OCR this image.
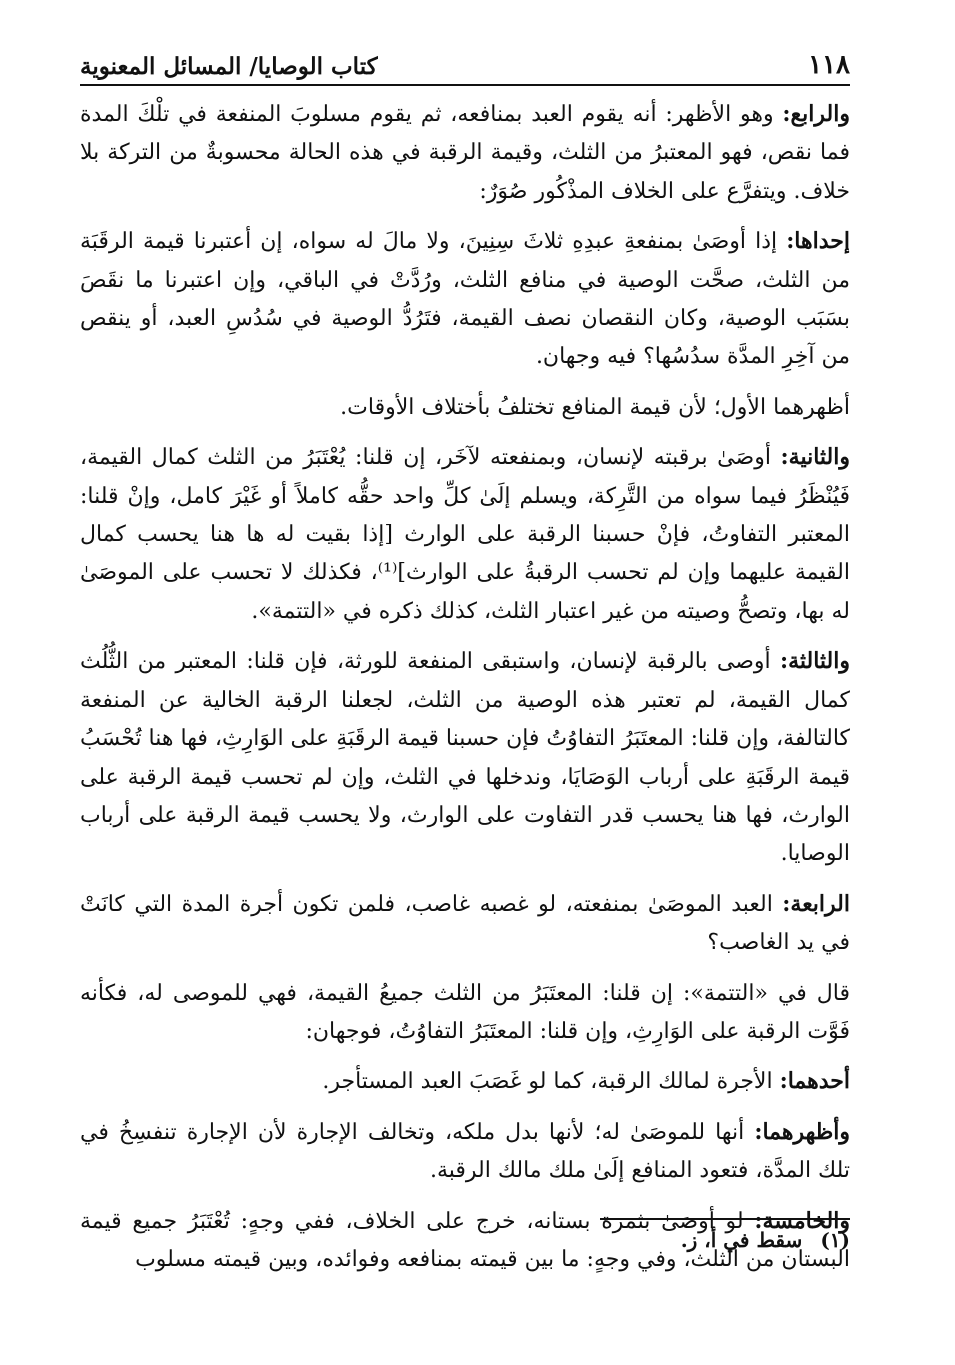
١١٨
كتاب الوصايا/ المسائل المعنوية

والرابع: وهو الأظهر: أنه يقوم العبد بمنافعه، ثم يقوم مسلوبَ المنفعة في تلْكَ المدة فما نقص، فهو المعتبرُ من الثلث، وقيمة الرقبة في هذه الحالة محسوبةٌ من التركة بلا خلاف. ويتفرَّع على الخلاف المذْكُور صُوَرٌ:

إحداها: إذا أوصَىٰ بمنفعةِ عبدِهِ ثلاثَ سِنِينَ، ولا مالَ له سواه، إن أعتبرنا قيمة الرقَبَة من الثلث، صحَّت الوصية في منافع الثلث، ورُدَّتْ في الباقي، وإن اعتبرنا ما نقَصَ بسَبَب الوصية، وكان النقصان نصف القيمة، فتَرُدُّ الوصية في سُدُسِ العبد، أو ينقص من آخِرِ المدَّة سدُسُها؟ فيه وجهان.

أظهرهما الأول؛ لأن قيمة المنافع تختلفُ بأختلاف الأوقات.

والثانية: أوصَىٰ برقبته لإنسان، وبمنفعته لآخَر، إن قلنا: يُعْتَبَرُ من الثلث كمال القيمة، فَيُنْظَرُ فيما سواه من التَّرِكة، ويسلم إلَىٰ كلِّ واحد حقُّه كاملاً أو غَيْرَ كامل، وإنْ قلنا: المعتبر التفاوتُ، فإنْ حسبنا الرقبة على الوارث [إذا بقيت له ها هنا يحسب كمال القيمة عليهما وإن لم تحسب الرقبةُ على الوارث]⁽¹⁾، فكذلك لا تحسب على الموصَىٰ له بها، وتصحُّ وصيته من غير اعتبار الثلث، كذلك ذكره في «التتمة».

والثالثة: أوصى بالرقبة لإنسان، واستبقى المنفعة للورثة، فإن قلنا: المعتبر من الثُّلُث كمال القيمة، لم تعتبر هذه الوصية من الثلث، لجعلنا الرقبة الخالية عن المنفعة كالتالفة، وإن قلنا: المعتَبَرُ التفاوُتُ فإن حسبنا قيمة الرقَبَةِ على الوَارِثِ، فها هنا تُحْسَبُ قيمة الرقَبَةِ على أرباب الوَصَايَا، وندخلها في الثلث، وإن لم تحسب قيمة الرقبة على الوارث، فها هنا يحسب قدر التفاوت على الوارث، ولا يحسب قيمة الرقبة على أرباب الوصايا.

الرابعة: العبد الموصَىٰ بمنفعته، لو غصبه غاصب، فلمن تكون أجرة المدة التي كانَتْ في يد الغاصب؟

قال في «التتمة»: إن قلنا: المعتَبَرُ من الثلث جميعُ القيمة، فهي للموصى له، فكأنه فَوَّت الرقبة على الوَارِثِ، وإن قلنا: المعتَبَرُ التفاوُتُ، فوجهان:

أحدهما: الأجرة لمالك الرقبة، كما لو غَصَبَ العبد المستأجر.

وأظهرهما: أنها للموصَىٰ له؛ لأنها بدل ملكه، وتخالف الإجارة لأن الإجارة تنفسِخُ في تلك المدَّة، فتعود المنافع إلَىٰ ملك مالك الرقبة.

والخامسة: لو أوصَىٰ بثمرة بستانه، خرج على الخلاف، ففي وجهٍ: تُعْتَبَرُ جميع قيمة البستان من الثلث، وفي وجهٍ: ما بين قيمته بمنافعه وفوائده، وبين قيمته مسلوب

(١)سقط في أ، ز.
